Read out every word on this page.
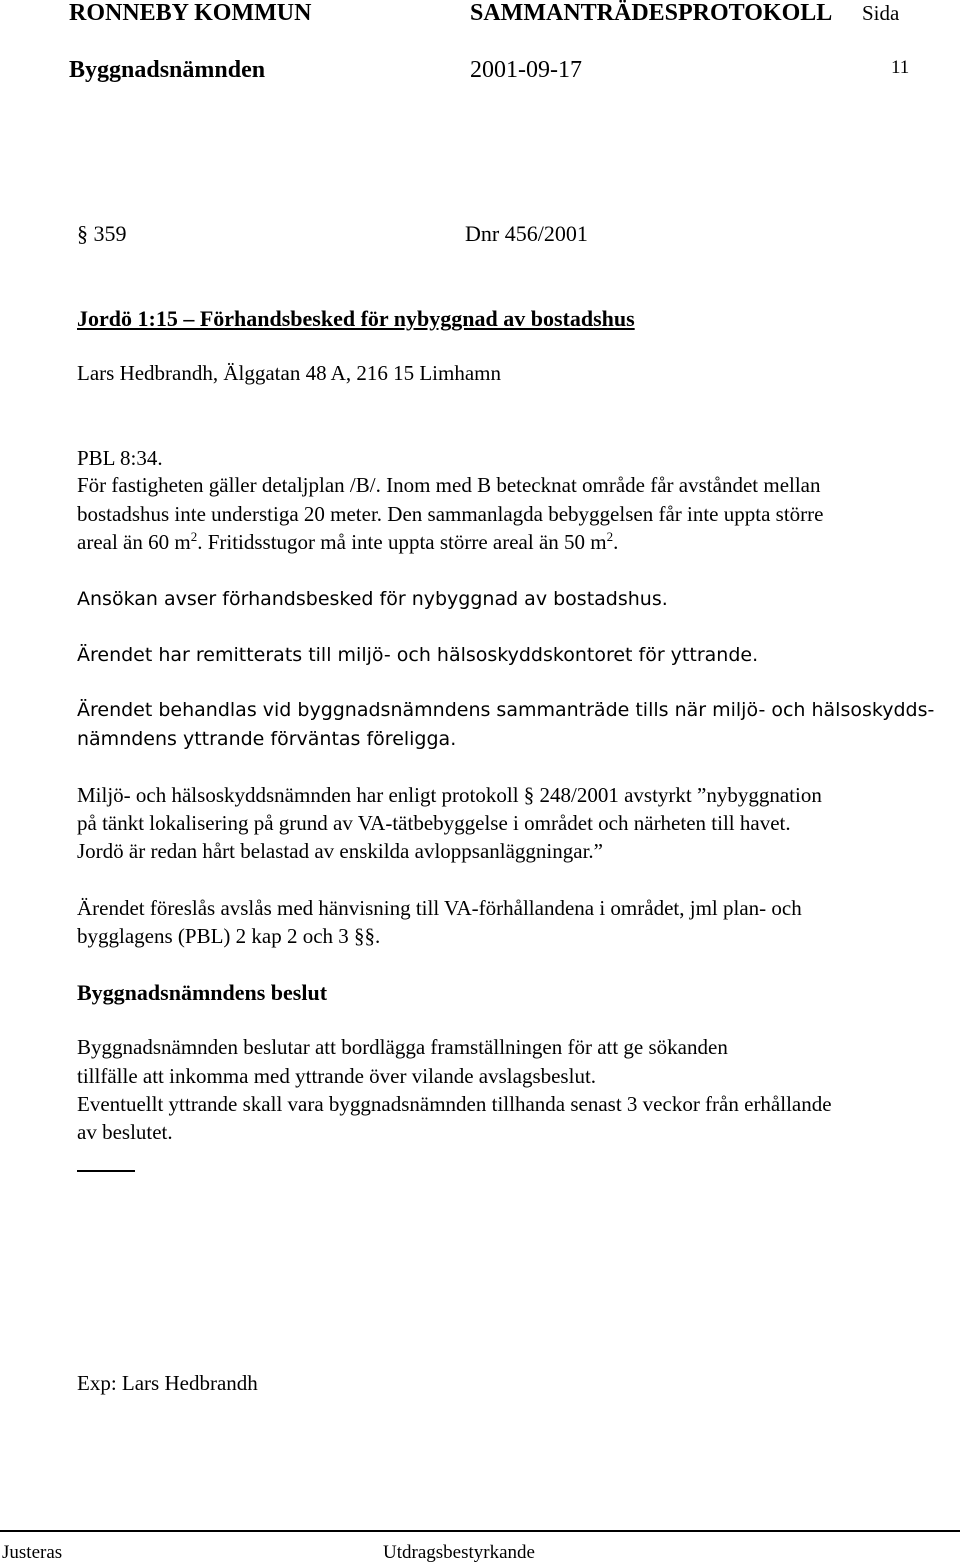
RONNEBY KOMMUN	SAMMANTRÄDESPROTOKOLL Sida
Byggnadsnämnden	2001-09-17	11
§ 359	Dnr 456/2001
Jordö 1:15 – Förhandsbesked för nybyggnad av bostadshus
Lars Hedbrandh, Älggatan 48 A, 216 15 Limhamn
PBL 8:34.
För fastigheten gäller detaljplan /B/. Inom med B betecknat område får avståndet mellan
bostadshus inte understiga 20 meter. Den sammanlagda bebyggelsen får inte uppta större
areal än 60 $m^2$. Fritidsstugor må inte uppta större areal än 50 $m^2$.
Ansökan avser förhandsbesked för nybyggnad av bostadshus.
Ärendet har remitterats till miljö- och hälsoskyddskontoret för yttrande.
Ärendet behandlas vid byggnadsnämndens sammanträde tills när miljö- och hälsoskydds-
nämndens yttrande förväntas föreligga.
Miljö- och hälsoskyddsnämnden har enligt protokoll § 248/2001 avstyrkt ”nybyggnation
på tänkt lokalisering på grund av VA-tätbebyggelse i området och närheten till havet.
Jordö är redan hårt belastad av enskilda avloppsanläggningar.”
Ärendet föreslås avslås med hänvisning till VA-förhållandena i området, jml plan- och
bygglagens (PBL) 2 kap 2 och 3 §§.
Byggnadsnämndens beslut
Byggnadsnämnden beslutar att bordlägga framställningen för att ge sökanden
tillfälle att inkomma med yttrande över vilande avslagsbeslut.
Eventuellt yttrande skall vara byggnadsnämnden tillhanda senast 3 veckor från erhållande
av beslutet.
Exp: Lars Hedbrandh
Justeras	Utdragsbestyrkande
